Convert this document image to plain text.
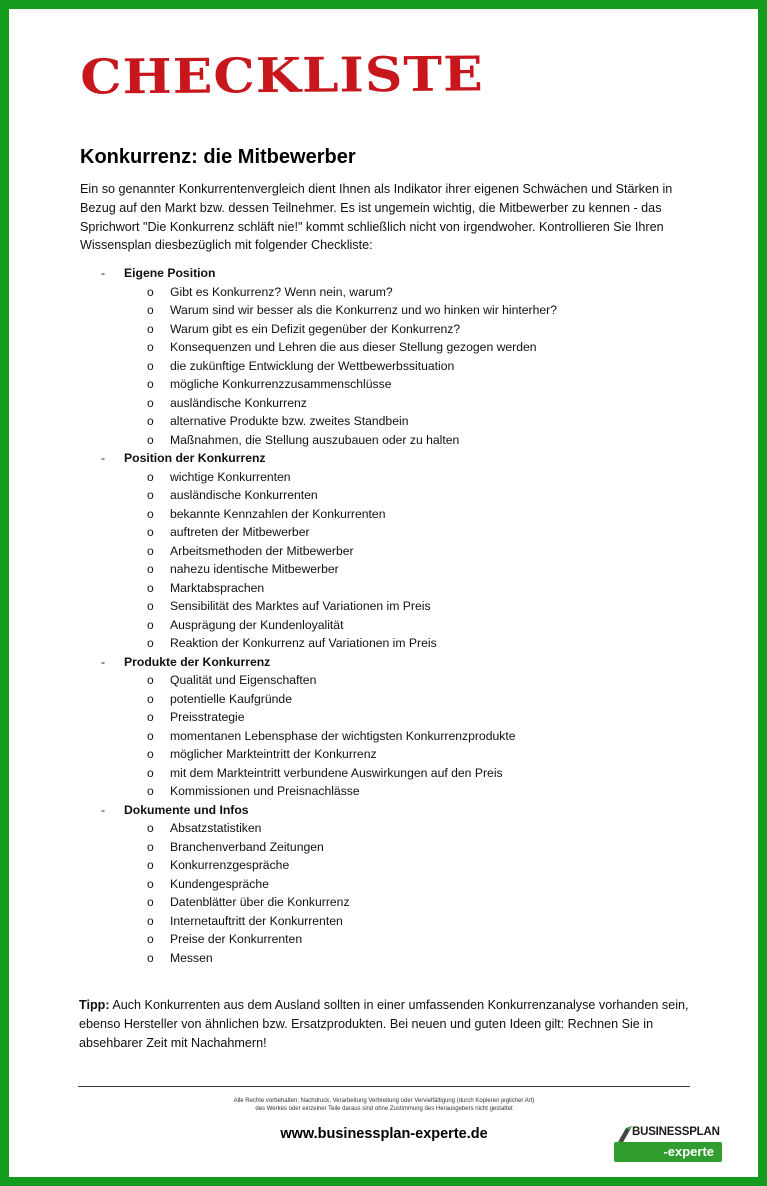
CHECKLISTE
Konkurrenz: die Mitbewerber

Ein so genannter Konkurrentenvergleich dient Ihnen als Indikator ihrer eigenen Schwächen und Stärken in Bezug auf den Markt bzw. dessen Teilnehmer. Es ist ungemein wichtig, die Mitbewerber zu kennen - das Sprichwort "Die Konkurrenz schläft nie!" kommt schließlich nicht von irgendwoher. Kontrollieren Sie Ihren Wissensplan diesbezüglich mit folgender Checkliste:

- Eigene Position
o Gibt es Konkurrenz? Wenn nein, warum?
o Warum sind wir besser als die Konkurrenz und wo hinken wir hinterher?
o Warum gibt es ein Defizit gegenüber der Konkurrenz?
o Konsequenzen und Lehren die aus dieser Stellung gezogen werden
o die zukünftige Entwicklung der Wettbewerbssituation
o mögliche Konkurrenzzusammenschlüsse
o ausländische Konkurrenz
o alternative Produkte bzw. zweites Standbein
o Maßnahmen, die Stellung auszubauen oder zu halten
- Position der Konkurrenz
o wichtige Konkurrenten
o ausländische Konkurrenten
o bekannte Kennzahlen der Konkurrenten
o auftreten der Mitbewerber
o Arbeitsmethoden der Mitbewerber
o nahezu identische Mitbewerber
o Marktabsprachen
o Sensibilität des Marktes auf Variationen im Preis
o Ausprägung der Kundenloyalität
o Reaktion der Konkurrenz auf Variationen im Preis
- Produkte der Konkurrenz
o Qualität und Eigenschaften
o potentielle Kaufgründe
o Preisstrategie
o momentanen Lebensphase der wichtigsten Konkurrenzprodukte
o möglicher Markteintritt der Konkurrenz
o mit dem Markteintritt verbundene Auswirkungen auf den Preis
o Kommissionen und Preisnachlässe
- Dokumente und Infos
o Absatzstatistiken
o Branchenverband Zeitungen
o Konkurrenzgespräche
o Kundengespräche
o Datenblätter über die Konkurrenz
o Internetauftritt der Konkurrenten
o Preise der Konkurrenten
o Messen

Tipp: Auch Konkurrenten aus dem Ausland sollten in einer umfassenden Konkurrenzanalyse vorhanden sein, ebenso Hersteller von ähnlichen bzw. Ersatzprodukten. Bei neuen und guten Ideen gilt: Rechnen Sie in absehbarer Zeit mit Nachahmern!

Alle Rechte vorbehalten; Nachdruck, Verarbeitung Verbreitung oder Vervielfältigung (durch Kopieren jeglicher Art)
des Werkes oder einzelner Teile daraus sind ohne Zustimmung des Herausgebers nicht gestattet
www.businessplan-experte.de	BUSINESSPLAN
-experte
